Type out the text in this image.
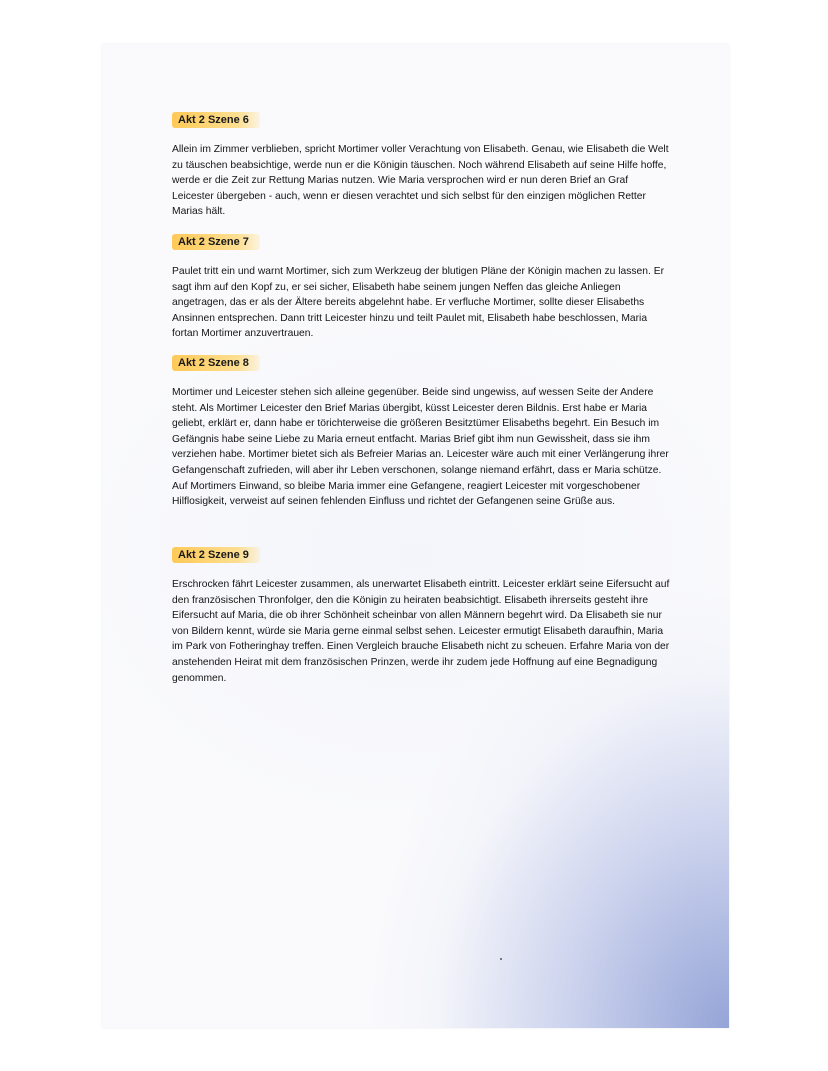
Akt 2 Szene 6

Allein im Zimmer verblieben, spricht Mortimer voller Verachtung von Elisabeth. Genau, wie Elisabeth die Welt zu täuschen beabsichtige, werde nun er die Königin täuschen. Noch während Elisabeth auf seine Hilfe hoffe, werde er die Zeit zur Rettung Marias nutzen. Wie Maria versprochen wird er nun deren Brief an Graf Leicester übergeben - auch, wenn er diesen verachtet und sich selbst für den einzigen möglichen Retter Marias hält.

Akt 2 Szene 7

Paulet tritt ein und warnt Mortimer, sich zum Werkzeug der blutigen Pläne der Königin machen zu lassen. Er sagt ihm auf den Kopf zu, er sei sicher, Elisabeth habe seinem jungen Neffen das gleiche Anliegen angetragen, das er als der Ältere bereits abgelehnt habe. Er verfluche Mortimer, sollte dieser Elisabeths Ansinnen entsprechen. Dann tritt Leicester hinzu und teilt Paulet mit, Elisabeth habe beschlossen, Maria fortan Mortimer anzuvertrauen.

Akt 2 Szene 8

Mortimer und Leicester stehen sich alleine gegenüber. Beide sind ungewiss, auf wessen Seite der Andere steht. Als Mortimer Leicester den Brief Marias übergibt, küsst Leicester deren Bildnis. Erst habe er Maria geliebt, erklärt er, dann habe er törichterweise die größeren Besitztümer Elisabeths begehrt. Ein Besuch im Gefängnis habe seine Liebe zu Maria erneut entfacht. Marias Brief gibt ihm nun Gewissheit, dass sie ihm verziehen habe. Mortimer bietet sich als Befreier Marias an. Leicester wäre auch mit einer Verlängerung ihrer Gefangenschaft zufrieden, will aber ihr Leben verschonen, solange niemand erfährt, dass er Maria schütze. Auf Mortimers Einwand, so bleibe Maria immer eine Gefangene, reagiert Leicester mit vorgeschobener Hilflosigkeit, verweist auf seinen fehlenden Einfluss und richtet der Gefangenen seine Grüße aus.

Akt 2 Szene 9

Erschrocken fährt Leicester zusammen, als unerwartet Elisabeth eintritt. Leicester erklärt seine Eifersucht auf den französischen Thronfolger, den die Königin zu heiraten beabsichtigt. Elisabeth ihrerseits gesteht ihre Eifersucht auf Maria, die ob ihrer Schönheit scheinbar von allen Männern begehrt wird. Da Elisabeth sie nur von Bildern kennt, würde sie Maria gerne einmal selbst sehen. Leicester ermutigt Elisabeth daraufhin, Maria im Park von Fotheringhay treffen. Einen Vergleich brauche Elisabeth nicht zu scheuen. Erfahre Maria von der anstehenden Heirat mit dem französischen Prinzen, werde ihr zudem jede Hoffnung auf eine Begnadigung genommen.
